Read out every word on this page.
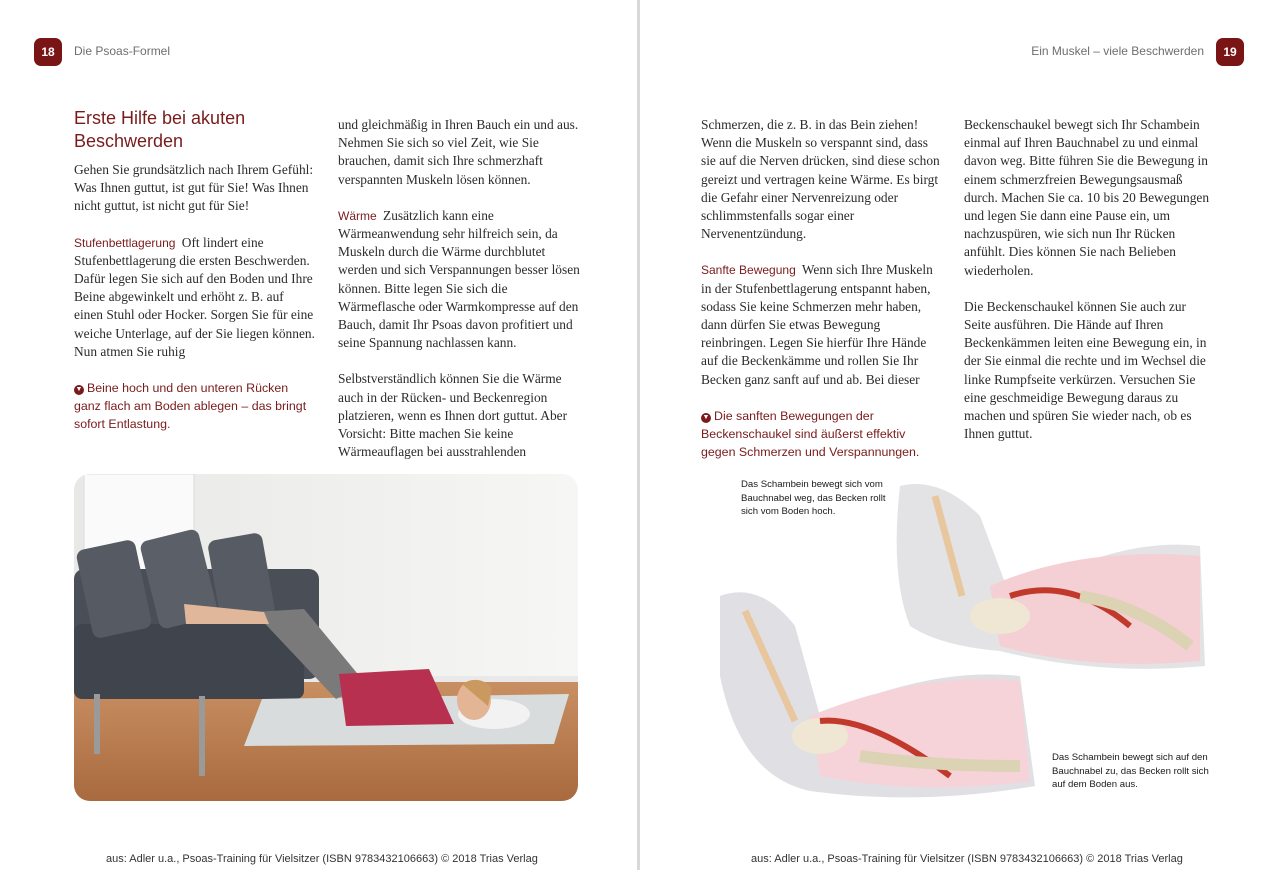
18	Die Psoas-Formel
Erste Hilfe bei akuten Beschwerden

Gehen Sie grundsätzlich nach Ihrem Gefühl: Was Ihnen guttut, ist gut für Sie! Was Ihnen nicht guttut, ist nicht gut für Sie!

Stufenbettlagerung Oft lindert eine Stufenbettlagerung die ersten Beschwerden. Dafür legen Sie sich auf den Boden und Ihre Beine abgewinkelt und erhöht z. B. auf einen Stuhl oder Hocker. Sorgen Sie für eine weiche Unterlage, auf der Sie liegen können. Nun atmen Sie ruhig

▼ Beine hoch und den unteren Rücken ganz flach am Boden ablegen – das bringt sofort Entlastung.

und gleichmäßig in Ihren Bauch ein und aus. Nehmen Sie sich so viel Zeit, wie Sie brauchen, damit sich Ihre schmerzhaft verspannten Muskeln lösen können.

Wärme Zusätzlich kann eine Wärmeanwendung sehr hilfreich sein, da Muskeln durch die Wärme durchblutet werden und sich Verspannungen besser lösen können. Bitte legen Sie sich die Wärmeflasche oder Warmkompresse auf den Bauch, damit Ihr Psoas davon profitiert und seine Spannung nachlassen kann.

Selbstverständlich können Sie die Wärme auch in der Rücken- und Beckenregion platzieren, wenn es Ihnen dort guttut. Aber Vorsicht: Bitte machen Sie keine Wärmeauflagen bei ausstrahlenden

aus: Adler u.a., Psoas-Training für Vielsitzer (ISBN 9783432106663) © 2018 Trias Verlag
Ein Muskel – viele Beschwerden	19
aus: Adler u.a., Psoas-Training für Vielsitzer (ISBN 9783432106663) © 2018 Trias Verlag

Schmerzen, die z. B. in das Bein ziehen! Wenn die Muskeln so verspannt sind, dass sie auf die Nerven drücken, sind diese schon gereizt und vertragen keine Wärme. Es birgt die Gefahr einer Nervenreizung oder schlimmstenfalls sogar einer Nervenentzündung.

Sanfte Bewegung Wenn sich Ihre Muskeln in der Stufenbettlagerung entspannt haben, sodass Sie keine Schmerzen mehr haben, dann dürfen Sie etwas Bewegung reinbringen. Legen Sie hierfür Ihre Hände auf die Beckenkämme und rollen Sie Ihr Becken ganz sanft auf und ab. Bei dieser

▼ Die sanften Bewegungen der Beckenschaukel sind äußerst effektiv gegen Schmerzen und Verspannungen.

Beckenschaukel bewegt sich Ihr Schambein einmal auf Ihren Bauchnabel zu und einmal davon weg. Bitte führen Sie die Bewegung in einem schmerzfreien Bewegungsausmaß durch. Machen Sie ca. 10 bis 20 Bewegungen und legen Sie dann eine Pause ein, um nachzuspüren, wie sich nun Ihr Rücken anfühlt. Dies können Sie nach Belieben wiederholen.

Die Beckenschaukel können Sie auch zur Seite ausführen. Die Hände auf Ihren Beckenkämmen leiten eine Bewegung ein, in der Sie einmal die rechte und im Wechsel die linke Rumpfseite verkürzen. Versuchen Sie eine geschmeidige Bewegung daraus zu machen und spüren Sie wieder nach, ob es Ihnen guttut.

Das Schambein bewegt sich vom Bauchnabel weg, das Becken rollt sich vom Boden hoch.
Das Schambein bewegt sich auf den Bauchnabel zu, das Becken rollt sich auf dem Boden aus.
